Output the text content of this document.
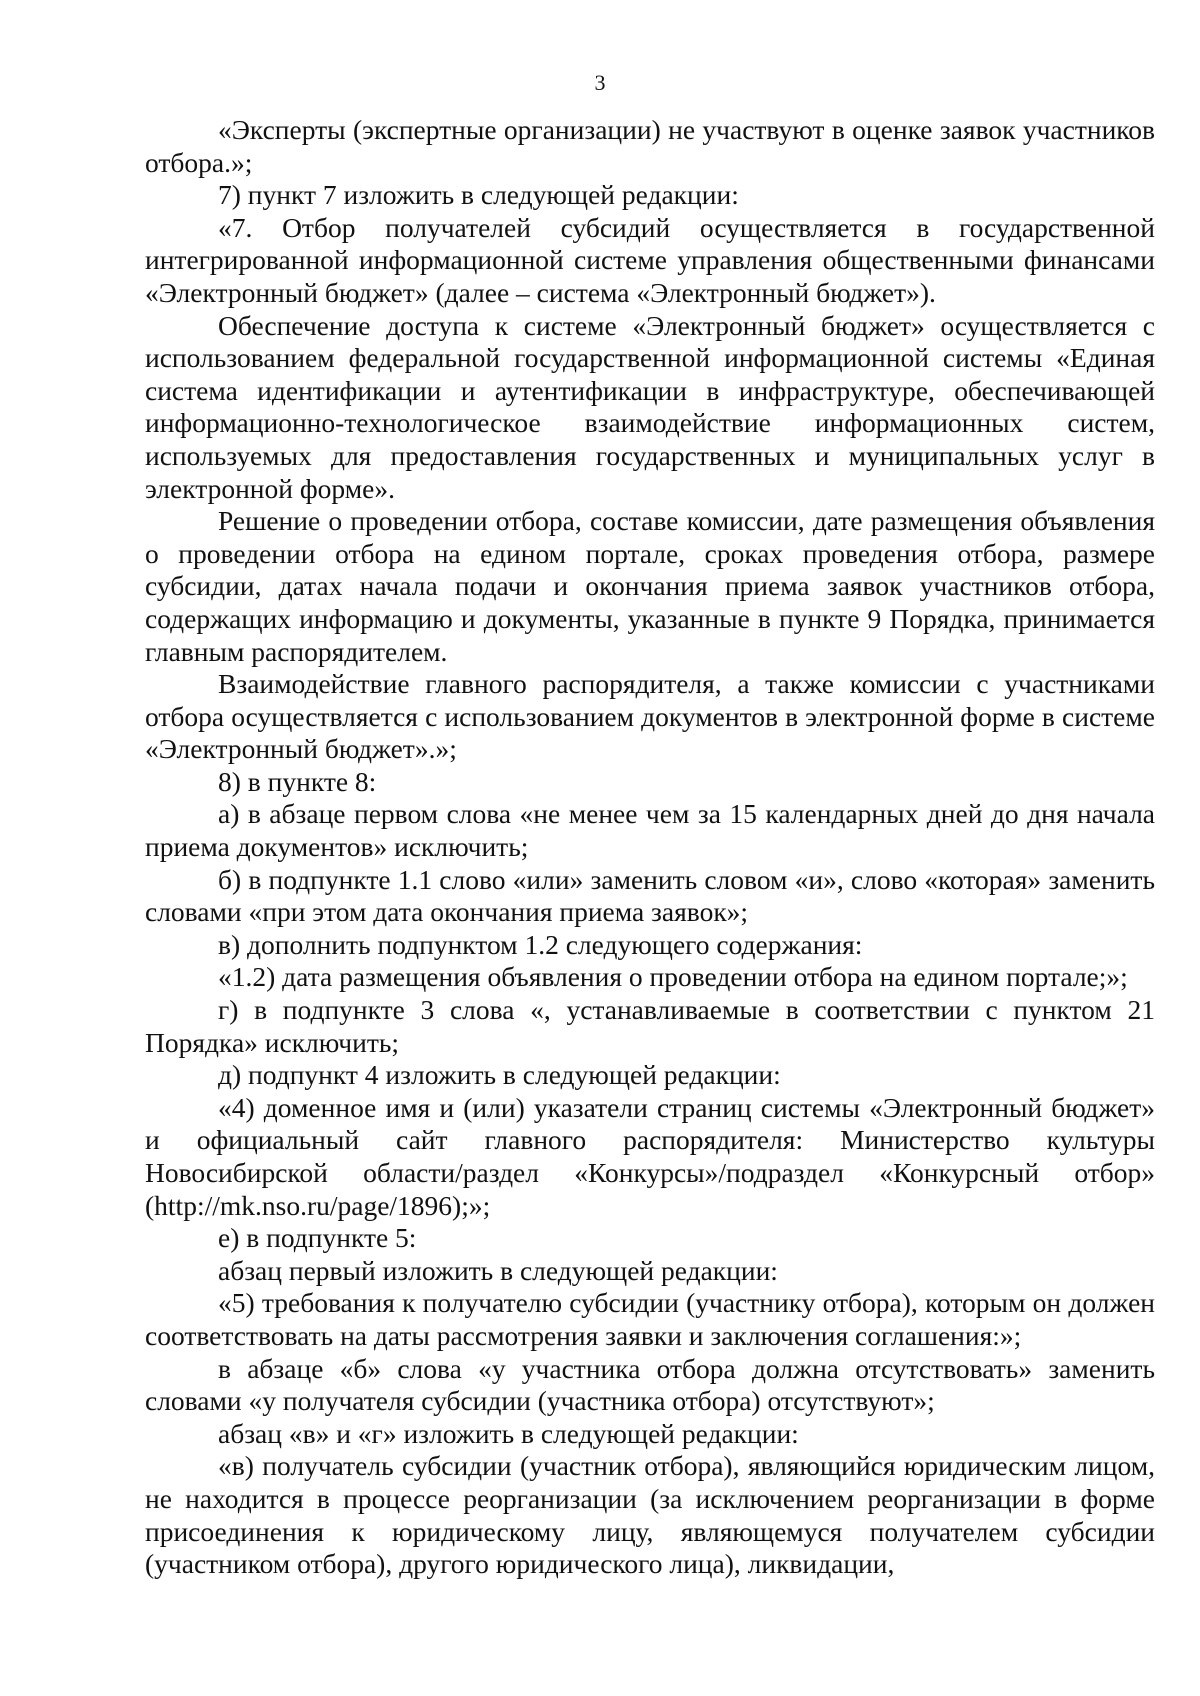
3

«Эксперты (экспертные организации) не участвуют в оценке заявок участников отбора.»;

7) пункт 7 изложить в следующей редакции:

«7. Отбор получателей субсидий осуществляется в государственной интегрированной информационной системе управления общественными финансами «Электронный бюджет» (далее – система «Электронный бюджет»).

Обеспечение доступа к системе «Электронный бюджет» осуществляется с использованием федеральной государственной информационной системы «Единая система идентификации и аутентификации в инфраструктуре, обеспечивающей информационно-технологическое взаимодействие информационных систем, используемых для предоставления государственных и муниципальных услуг в электронной форме».

Решение о проведении отбора, составе комиссии, дате размещения объявления о проведении отбора на едином портале, сроках проведения отбора, размере субсидии, датах начала подачи и окончания приема заявок участников отбора, содержащих информацию и документы, указанные в пункте 9 Порядка, принимается главным распорядителем.

Взаимодействие главного распорядителя, а также комиссии с участниками отбора осуществляется с использованием документов в электронной форме в системе «Электронный бюджет».»;

8) в пункте 8:

а) в абзаце первом слова «не менее чем за 15 календарных дней до дня начала приема документов» исключить;

б) в подпункте 1.1 слово «или» заменить словом «и», слово «которая» заменить словами «при этом дата окончания приема заявок»;

в) дополнить подпунктом 1.2 следующего содержания:

«1.2) дата размещения объявления о проведении отбора на едином портале;»;

г) в подпункте 3 слова «, устанавливаемые в соответствии с пунктом 21 Порядка» исключить;

д) подпункт 4 изложить в следующей редакции:

«4) доменное имя и (или) указатели страниц системы «Электронный бюджет» и официальный сайт главного распорядителя: Министерство культуры Новосибирской области/раздел «Конкурсы»/подраздел «Конкурсный отбор» (http://mk.nso.ru/page/1896);»;

е) в подпункте 5:

абзац первый изложить в следующей редакции:

«5) требования к получателю субсидии (участнику отбора), которым он должен соответствовать на даты рассмотрения заявки и заключения соглашения:»;

в абзаце «б» слова «у участника отбора должна отсутствовать» заменить словами «у получателя субсидии (участника отбора) отсутствуют»;

абзац «в» и «г» изложить в следующей редакции:

«в) получатель субсидии (участник отбора), являющийся юридическим лицом, не находится в процессе реорганизации (за исключением реорганизации в форме присоединения к юридическому лицу, являющемуся получателем субсидии (участником отбора), другого юридического лица), ликвидации,
